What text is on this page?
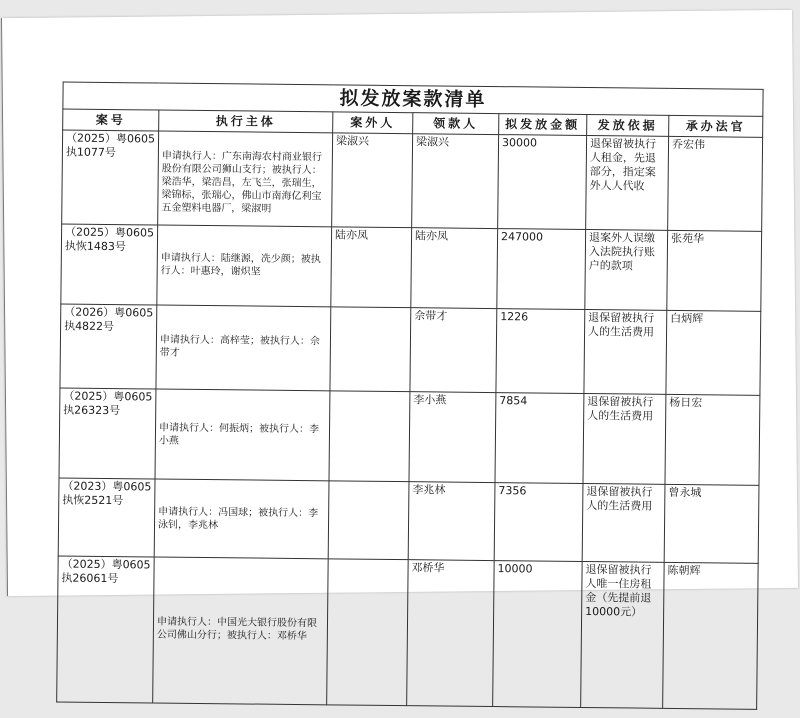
拟发放案款清单						
案号	执行主体	案外人	领款人	拟发放金额	发放依据	承办法官
（2025）粤0605执1077号	申请执行人：广东南海农村商业银行股份有限公司狮山支行；被执行人：梁浩华，梁浩昌，左飞兰，张瑞生，梁锦标，张瑞心，佛山市南海亿利宝五金塑料电器厂，梁淑明	梁淑兴	梁淑兴	30000	退保留被执行人租金，先退部分，指定案外人人代收	乔宏伟
（2025）粤0605执恢1483号	申请执行人：陆继源，冼少颜；被执行人：叶惠玲，谢炽坚	陆亦凤	陆亦凤	247000	退案外人误缴入法院执行账户的款项	张苑华
（2026）粤0605执4822号	申请执行人：高梓莹；被执行人：佘带才		佘带才	1226	退保留被执行人的生活费用	白炳辉
（2025）粤0605执26323号	申请执行人：何振炳；被执行人：李小燕		李小燕	7854	退保留被执行人的生活费用	杨日宏
（2023）粤0605执恢2521号	申请执行人：冯国球；被执行人：李泳钊，李兆林		李兆林	7356	退保留被执行人的生活费用	曾永城
（2025）粤0605执26061号	申请执行人：中国光大银行股份有限公司佛山分行；被执行人：邓桥华		邓桥华	10000	退保留被执行人唯一住房租金（先提前退10000元）	陈朝辉
